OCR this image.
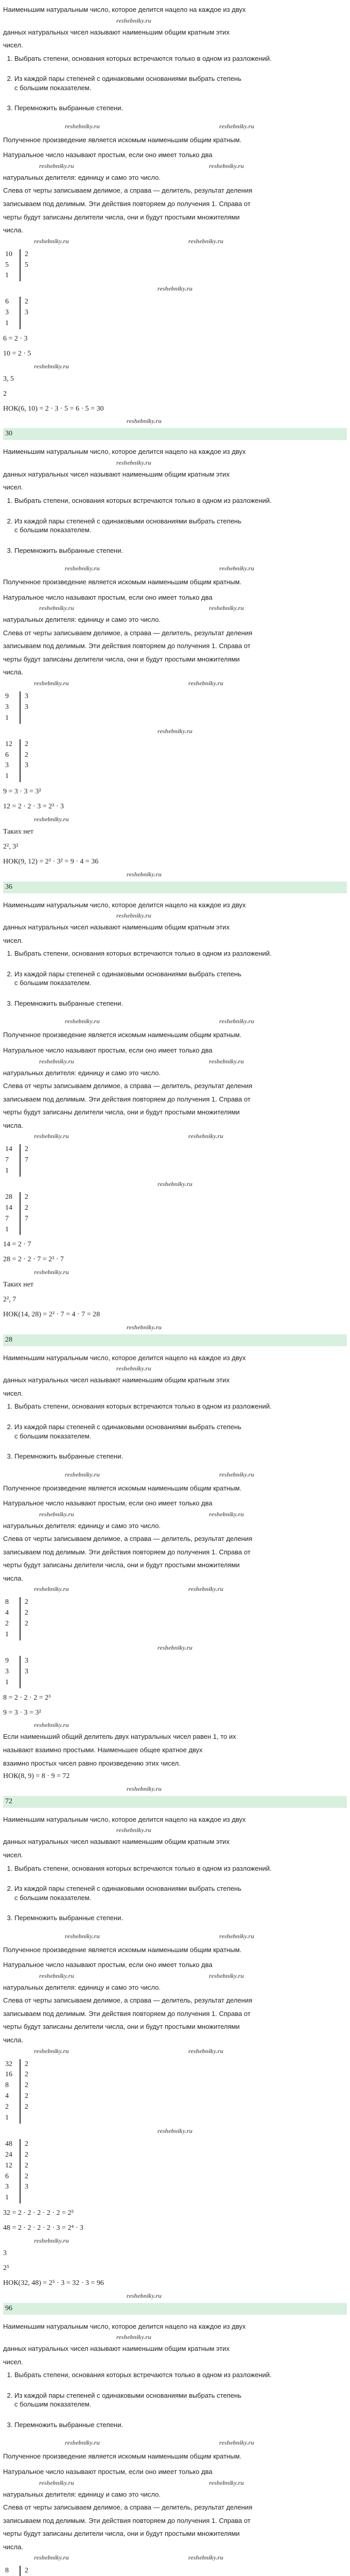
Наименьшим натуральным число, которое делится нацело на каждое из двух
reshebniky.ru
данных натуральных чисел называют наименьшим общим кратным этих
чисел.
1. Выбрать степени, основания которых встречаются только в одном из разложений.
2. Из каждой пары степеней с одинаковыми основаниями выбрать степень
с большим показателем.
3. Перемножить выбранные степени.
reshebniky.ru	reshebniky.ru
Полученное произведение является искомым наименьшим общим кратным.
Натуральное число называют простым, если оно имеет только два
reshebniky.ru	reshebniky.ru
натуральных делителя: единицу и само это число.
Слева от черты записываем делимое, а справа — делитель, результат деления
записываем под делимым. Эти действия повторяем до получения 1. Справа от
черты будут записаны делители числа, они и будут простыми множителями
числа.
reshebniky.ru	reshebniky.ru
10	2
5	5
1
reshebniky.ru
6	2
3	3
1
6 = 2 · 3
10 = 2 · 5
reshebniky.ru
3, 5
2
НОК(6, 10) = 2 · 3 · 5 = 6 · 5 = 30
reshebniky.ru
30
Наименьшим натуральным число, которое делится нацело на каждое из двух
reshebniky.ru
данных натуральных чисел называют наименьшим общим кратным этих
чисел.
1. Выбрать степени, основания которых встречаются только в одном из разложений.
2. Из каждой пары степеней с одинаковыми основаниями выбрать степень
с большим показателем.
3. Перемножить выбранные степени.
reshebniky.ru	reshebniky.ru
Полученное произведение является искомым наименьшим общим кратным.
Натуральное число называют простым, если оно имеет только два
reshebniky.ru	reshebniky.ru
натуральных делителя: единицу и само это число.
Слева от черты записываем делимое, а справа — делитель, результат деления
записываем под делимым. Эти действия повторяем до получения 1. Справа от
черты будут записаны делители числа, они и будут простыми множителями
числа.
reshebniky.ru	reshebniky.ru
9	3
3	3
1
reshebniky.ru
12	2
6	2
3	3
1
9 = 3 · 3 = 3²
12 = 2 · 2 · 3 = 2² · 3
reshebniky.ru
Таких нет
2², 3²
НОК(9, 12) = 2² · 3² = 9 · 4 = 36
reshebniky.ru
36
Наименьшим натуральным число, которое делится нацело на каждое из двух
reshebniky.ru
данных натуральных чисел называют наименьшим общим кратным этих
чисел.
1. Выбрать степени, основания которых встречаются только в одном из разложений.
2. Из каждой пары степеней с одинаковыми основаниями выбрать степень
с большим показателем.
3. Перемножить выбранные степени.
reshebniky.ru	reshebniky.ru
Полученное произведение является искомым наименьшим общим кратным.
Натуральное число называют простым, если оно имеет только два
reshebniky.ru	reshebniky.ru
натуральных делителя: единицу и само это число.
Слева от черты записываем делимое, а справа — делитель, результат деления
записываем под делимым. Эти действия повторяем до получения 1. Справа от
черты будут записаны делители числа, они и будут простыми множителями
числа.
reshebniky.ru	reshebniky.ru
14	2
7	7
1
reshebniky.ru
28	2
14	2
7	7
1
14 = 2 · 7
28 = 2 · 2 · 7 = 2² · 7
reshebniky.ru
Таких нет
2², 7
НОК(14, 28) = 2² · 7 = 4 · 7 = 28
reshebniky.ru
28
Наименьшим натуральным число, которое делится нацело на каждое из двух
reshebniky.ru
данных натуральных чисел называют наименьшим общим кратным этих
чисел.
1. Выбрать степени, основания которых встречаются только в одном из разложений.
2. Из каждой пары степеней с одинаковыми основаниями выбрать степень
с большим показателем.
3. Перемножить выбранные степени.
reshebniky.ru	reshebniky.ru
Полученное произведение является искомым наименьшим общим кратным.
Натуральное число называют простым, если оно имеет только два
reshebniky.ru	reshebniky.ru
натуральных делителя: единицу и само это число.
Слева от черты записываем делимое, а справа — делитель, результат деления
записываем под делимым. Эти действия повторяем до получения 1. Справа от
черты будут записаны делители числа, они и будут простыми множителями
числа.
reshebniky.ru	reshebniky.ru
8	2
4	2
2	2
1
reshebniky.ru
9	3
3	3
1
8 = 2 · 2 · 2 = 2³
9 = 3 · 3 = 3²
reshebniky.ru
Если наименьший общий делитель двух натуральных чисел равен 1, то их
называют взаимно простыми. Наименьшее общее кратное двух
взаимно простых чисел равно произведению этих чисел.
НОК(8, 9) = 8 · 9 = 72
reshebniky.ru
72
Наименьшим натуральным число, которое делится нацело на каждое из двух
reshebniky.ru
данных натуральных чисел называют наименьшим общим кратным этих
чисел.
1. Выбрать степени, основания которых встречаются только в одном из разложений.
2. Из каждой пары степеней с одинаковыми основаниями выбрать степень
с большим показателем.
3. Перемножить выбранные степени.
reshebniky.ru	reshebniky.ru
Полученное произведение является искомым наименьшим общим кратным.
Натуральное число называют простым, если оно имеет только два
reshebniky.ru	reshebniky.ru
натуральных делителя: единицу и само это число.
Слева от черты записываем делимое, а справа — делитель, результат деления
записываем под делимым. Эти действия повторяем до получения 1. Справа от
черты будут записаны делители числа, они и будут простыми множителями
числа.
reshebniky.ru	reshebniky.ru
32	2
16	2
8	2
4	2
2	2
1
reshebniky.ru
48	2
24	2
12	2
6	2
3	3
1
32 = 2 · 2 · 2 · 2 · 2 = 2⁵
48 = 2 · 2 · 2 · 2 · 3 = 2⁴ · 3
reshebniky.ru
3
2⁵
НОК(32, 48) = 2⁵ · 3 = 32 · 3 = 96
reshebniky.ru
96
Наименьшим натуральным число, которое делится нацело на каждое из двух
reshebniky.ru
данных натуральных чисел называют наименьшим общим кратным этих
чисел.
1. Выбрать степени, основания которых встречаются только в одном из разложений.
2. Из каждой пары степеней с одинаковыми основаниями выбрать степень
с большим показателем.
3. Перемножить выбранные степени.
reshebniky.ru	reshebniky.ru
Полученное произведение является искомым наименьшим общим кратным.
Натуральное число называют простым, если оно имеет только два
reshebniky.ru	reshebniky.ru
натуральных делителя: единицу и само это число.
Слева от черты записываем делимое, а справа — делитель, результат деления
записываем под делимым. Эти действия повторяем до получения 1. Справа от
черты будут записаны делители числа, они и будут простыми множителями
числа.
reshebniky.ru	reshebniky.ru
8	2
